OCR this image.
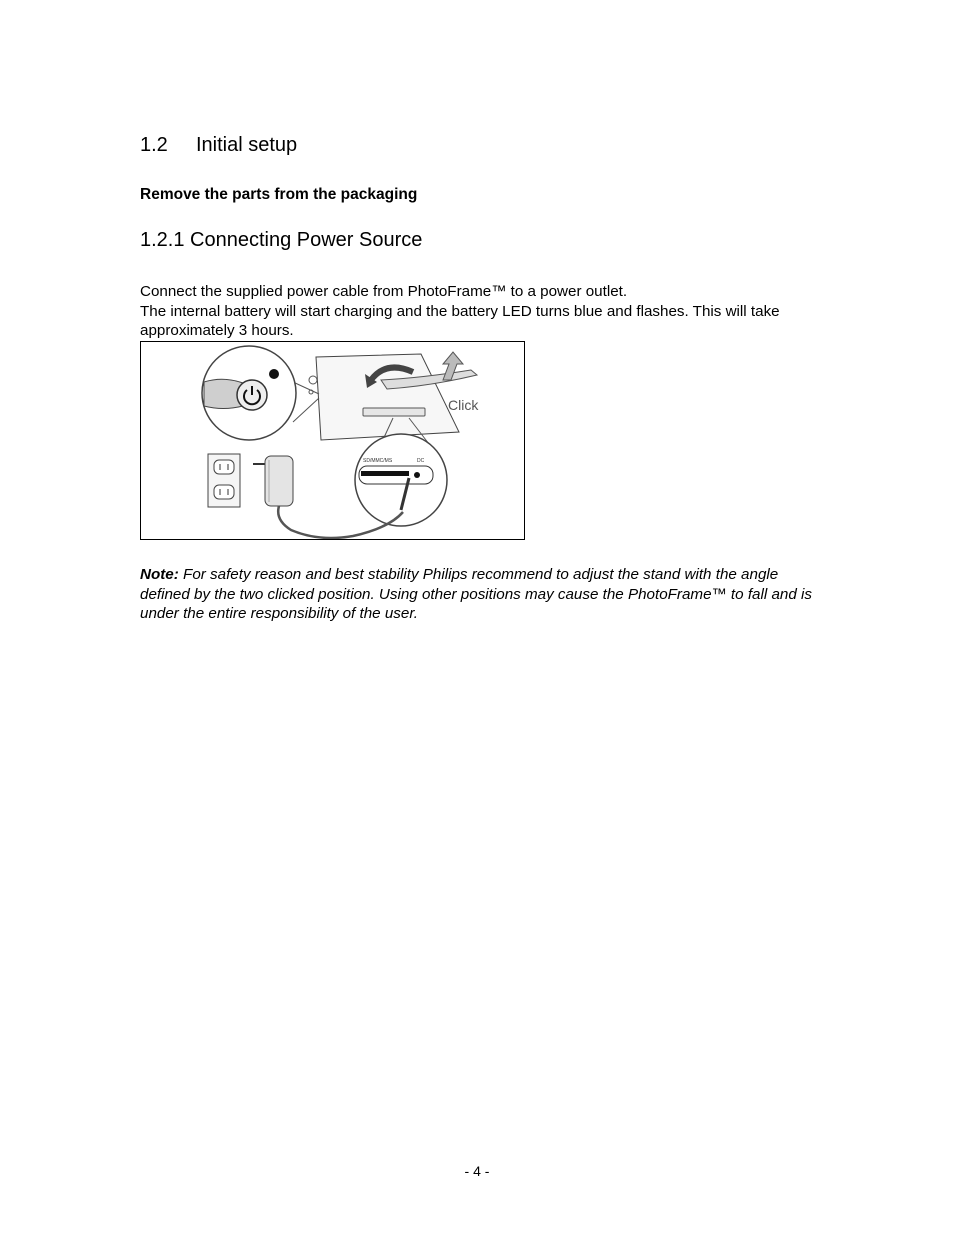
1.2 Initial setup

Remove the parts from the packaging

1.2.1 Connecting Power Source

Connect the supplied power cable from PhotoFrame™ to a power outlet.
The internal battery will start charging and the battery LED turns blue and flashes. This will take approximately 3 hours.

Click
SD/MMC/MS	DC

Note: For safety reason and best stability Philips recommend to adjust the stand with the angle defined by the two clicked position. Using other positions may cause the PhotoFrame™ to fall and is under the entire responsibility of the user.

- 4 -
